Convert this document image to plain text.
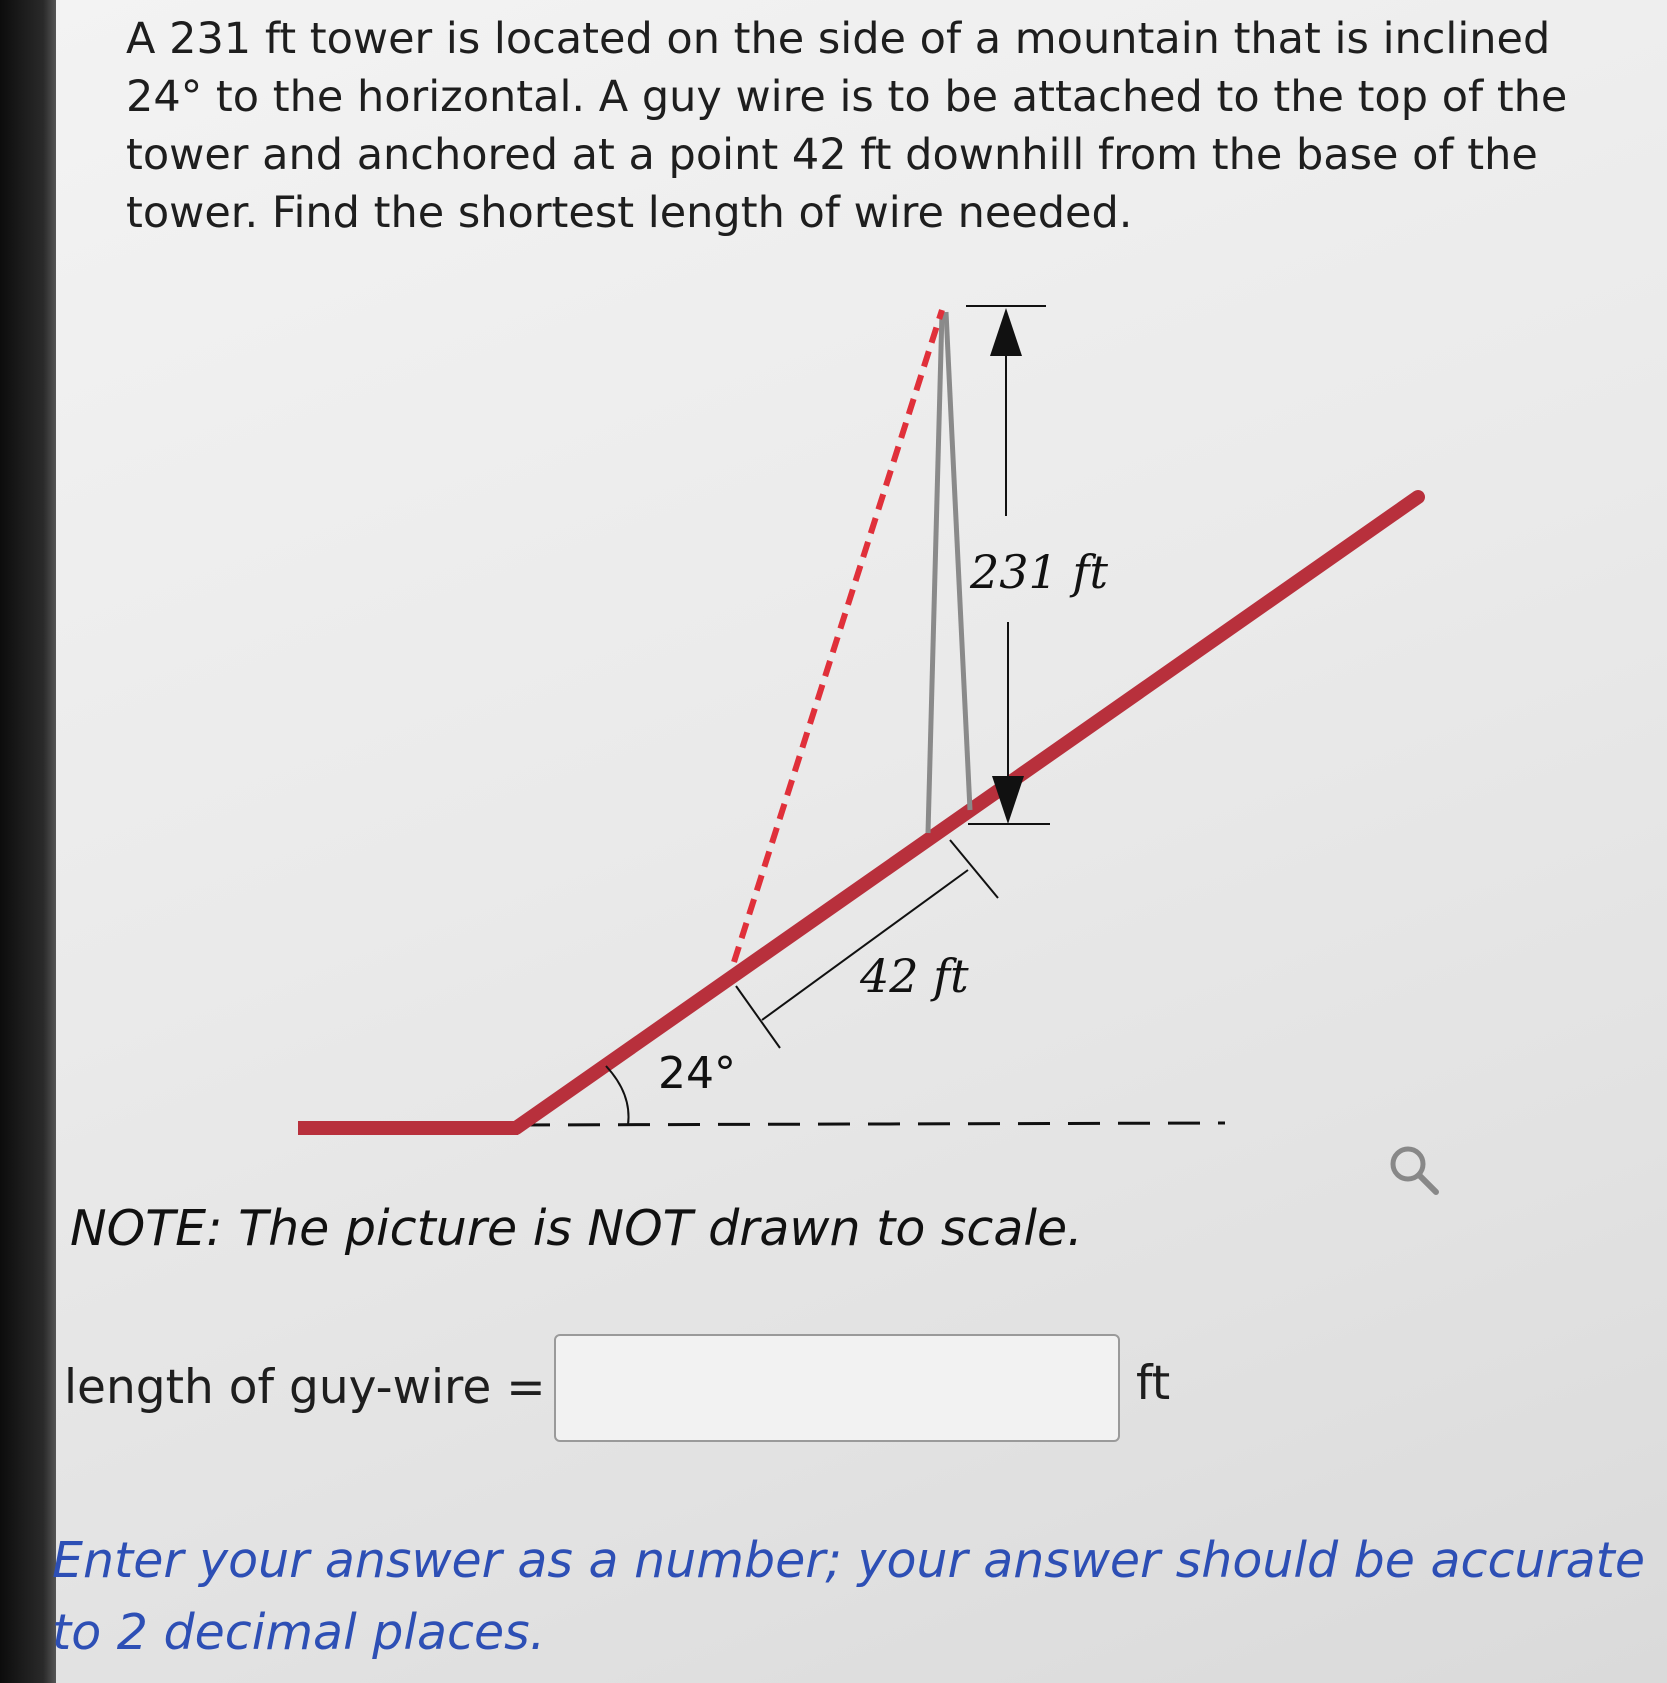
A 231 ft tower is located on the side of a mountain that is inclined 24° to the horizontal. A guy wire is to be attached to the top of the tower and anchored at a point 42 ft downhill from the base of the tower. Find the shortest length of wire needed.

231 ft
42 ft
24°

NOTE: The picture is NOT drawn to scale.

length of guy-wire =	ft

Enter your answer as a number; your answer should be accurate to 2 decimal places.
